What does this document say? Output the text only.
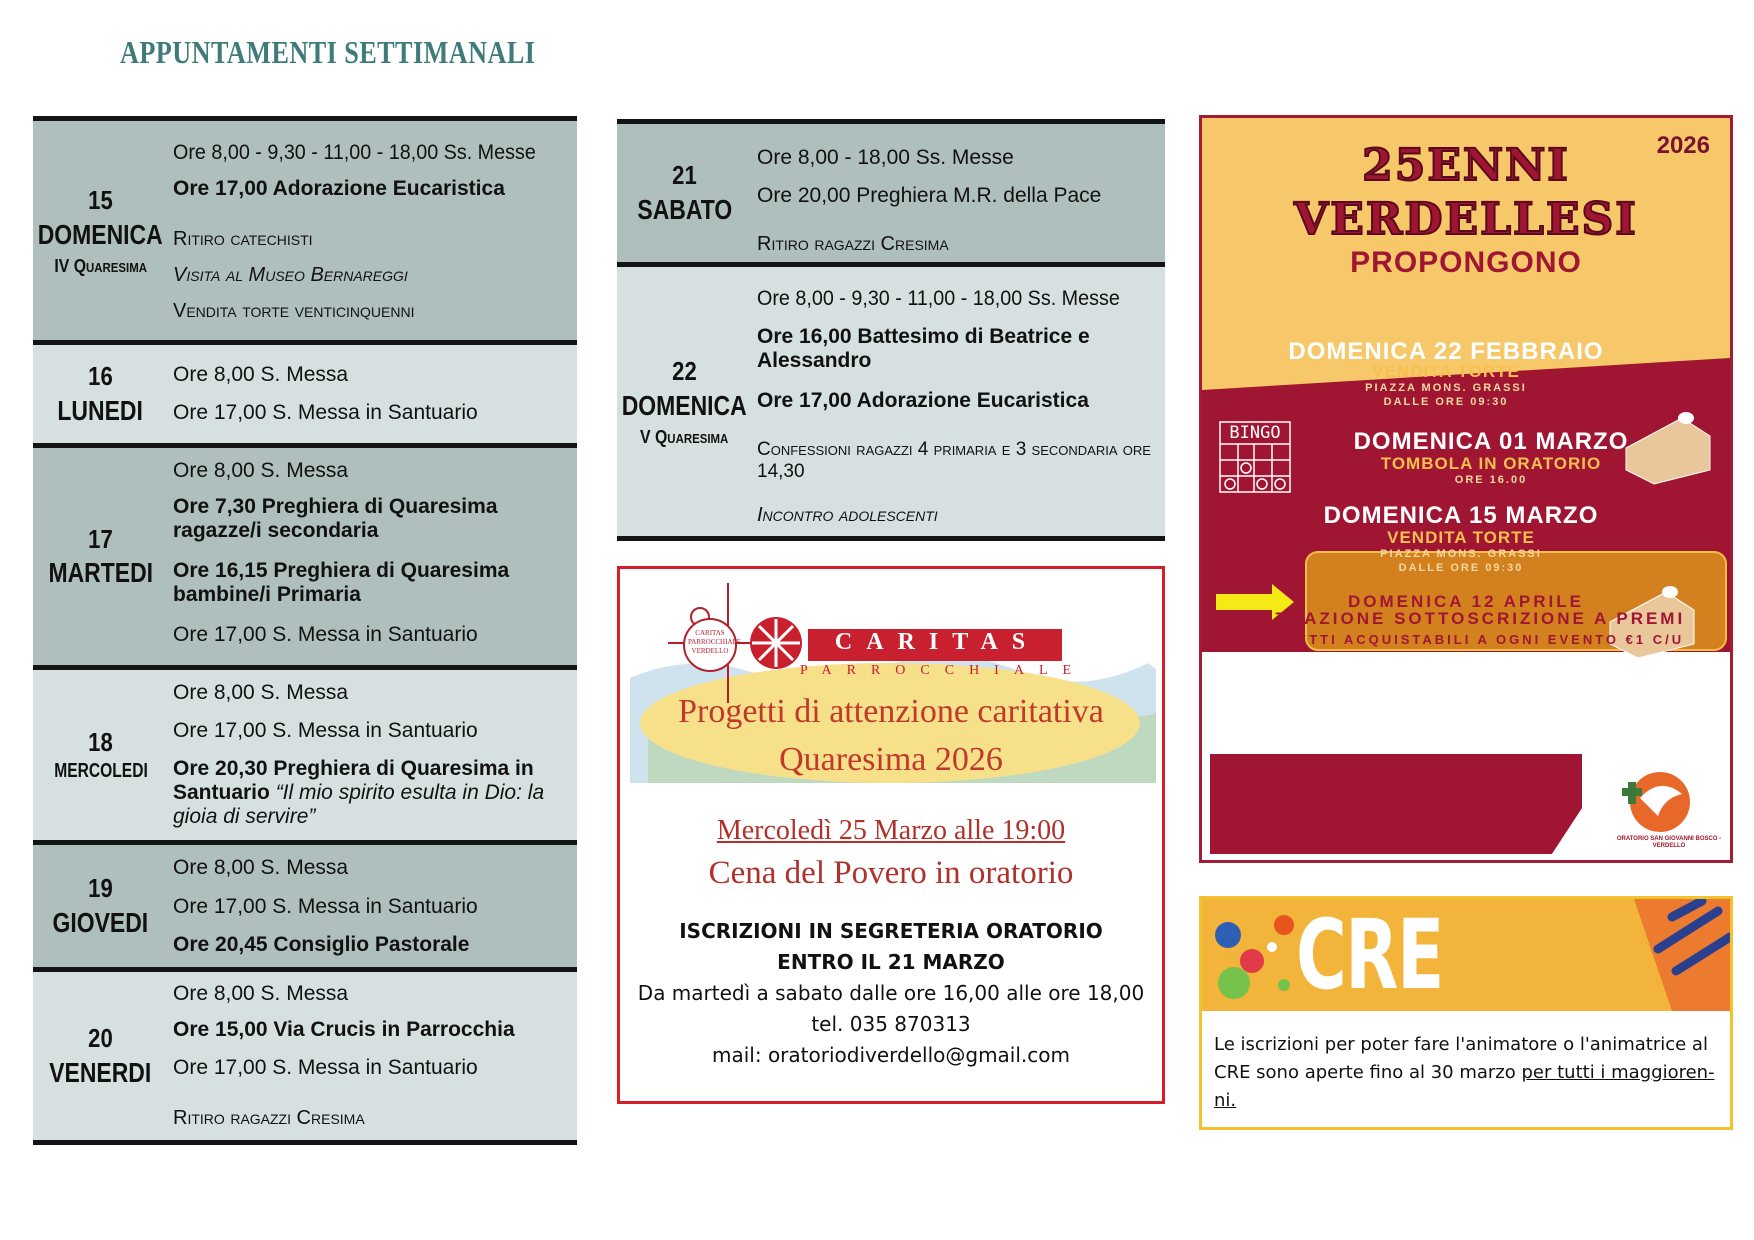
APPUNTAMENTI SETTIMANALI
15
DOMENICA
IV Quaresima
Ore 8,00 - 9,30 - 11,00 - 18,00 Ss. Messe
Ore 17,00 Adorazione Eucaristica
Ritiro catechisti
Visita al Museo Bernareggi
Vendita torte venticinquenni
16
LUNEDI
Ore 8,00 S. Messa
Ore 17,00 S. Messa in Santuario
17
MARTEDI
Ore 8,00 S. Messa
Ore 7,30 Preghiera di Quaresima ragazze/i secondaria
Ore 16,15 Preghiera di Quaresima bambine/i Primaria
Ore 17,00 S. Messa in Santuario
18
MERCOLEDI
Ore 8,00 S. Messa
Ore 17,00 S. Messa in Santuario
Ore 20,30 Preghiera di Quaresima in Santuario “Il mio spirito esulta in Dio: la gioia di servire”
19
GIOVEDI
Ore 8,00 S. Messa
Ore 17,00 S. Messa in Santuario
Ore 20,45 Consiglio Pastorale
20
VENERDI
Ore 8,00 S. Messa
Ore 15,00 Via Crucis in Parrocchia
Ore 17,00 S. Messa in Santuario
Ritiro ragazzi Cresima
21
SABATO
Ore 8,00 - 18,00 Ss. Messe
Ore 20,00 Preghiera M.R. della Pace
Ritiro ragazzi Cresima
22
DOMENICA
V Quaresima
Ore 8,00 - 9,30 - 11,00 - 18,00 Ss. Messe
Ore 16,00 Battesimo di Beatrice e Alessandro
Ore 17,00 Adorazione Eucaristica
Confessioni ragazzi 4 primaria e 3 secondaria ore 14,30
Incontro adolescenti
CARITAS
PARROCCHIALE
CARITAS PARROCCHIALE VERDELLO
Progetti di attenzione caritativa
Quaresima 2026
Mercoledì 25 Marzo alle 19:00
Cena del Povero in oratorio
ISCRIZIONI IN SEGRETERIA ORATORIO
ENTRO IL 21 MARZO
Da martedì a sabato dalle ore 16,00 alle ore 18,00
tel. 035 870313
mail: oratoriodiverdello@gmail.com
2026
25ENNI
VERDELLESI
PROPONGONO
DOMENICA 22 FEBBRAIO
VENDITA TORTE
PIAZZA MONS. GRASSI
DALLE ORE 09:30
BINGO	DOMENICA 01 MARZO
TOMBOLA IN ORATORIO
ORE 16.00
DOMENICA 15 MARZO
VENDITA TORTE
PIAZZA MONS. GRASSI
DALLE ORE 09:30
DOMENICA 12 APRILE
ESTRAZIONE SOTTOSCRIZIONE A PREMI
BIGLIETTI ACQUISTABILI A OGNI EVENTO €1 C/U
IL RICAVATO
VERRA' DEVOLUTO
AL CENTRO MISSIONARIO
DIOCESANO PER SOSTENERE
L'IMPEGNO DI DON EFREM A CUBA
ORATORIO SAN GIOVANNI BOSCO - VERDELLO
CRE
Le iscrizioni per poter fare l'animatore o l'animatrice al CRE sono aperte fino al 30 marzo per tutti i maggioren-ni.
